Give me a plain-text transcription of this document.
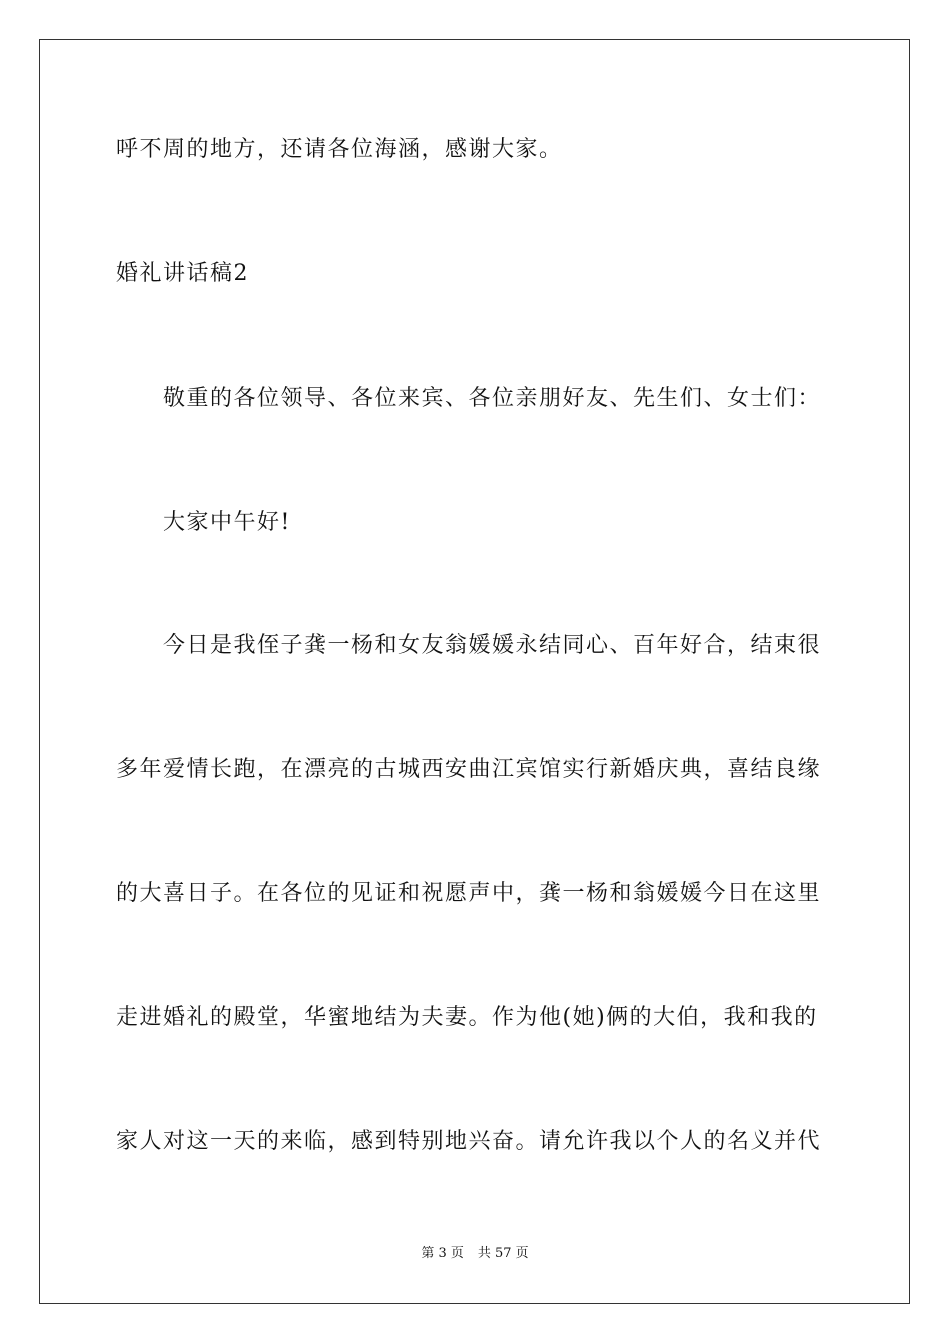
呼不周的地方，还请各位海涵，感谢大家。
婚礼讲话稿2
敬重的各位领导、各位来宾、各位亲朋好友、先生们、女士们：
大家中午好!
今日是我侄子龚一杨和女友翁媛媛永结同心、百年好合，结束很
多年爱情长跑，在漂亮的古城西安曲江宾馆实行新婚庆典，喜结良缘
的大喜日子。在各位的见证和祝愿声中，龚一杨和翁媛媛今日在这里
走进婚礼的殿堂，华蜜地结为夫妻。作为他(她)俩的大伯，我和我的
家人对这一天的来临，感到特别地兴奋。请允许我以个人的名义并代
第 3 页 共 57 页
